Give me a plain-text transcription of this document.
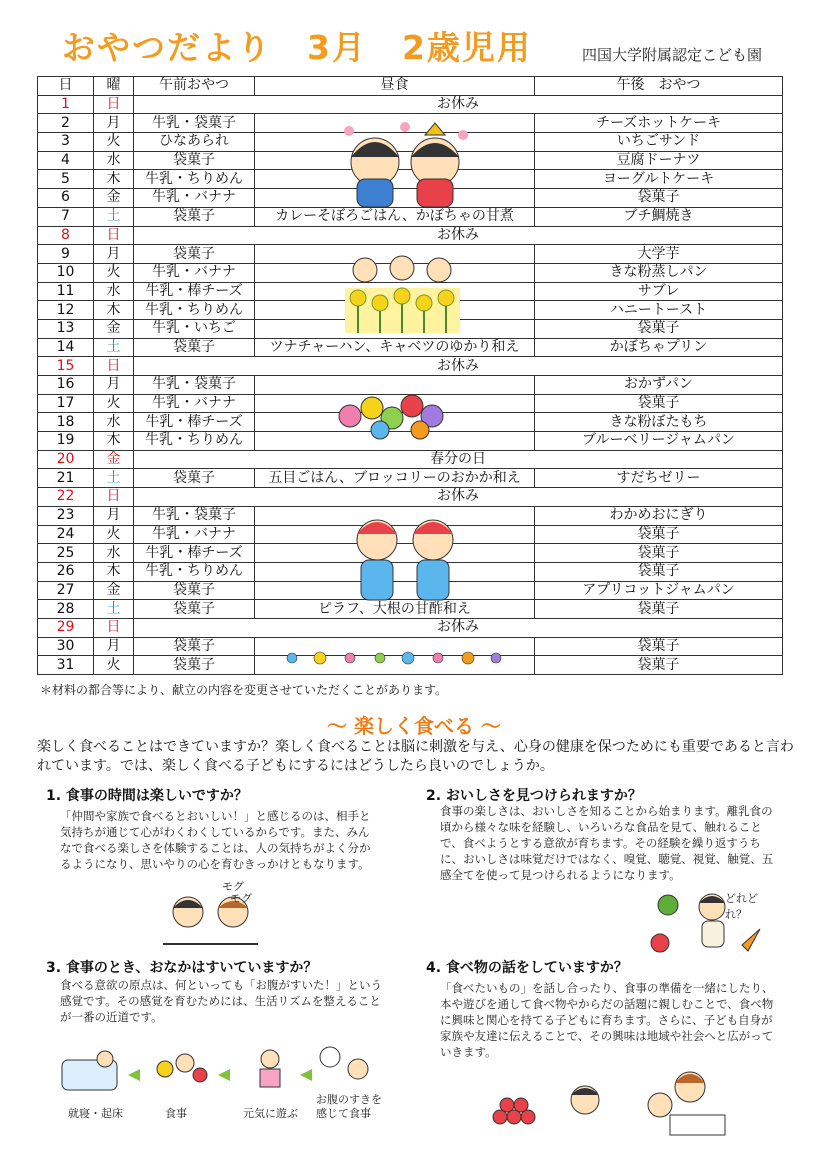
おやつだより　3月　2歳児用	四国大学附属認定こども園
日	曜	午前おやつ	昼食	午後　おやつ
1	日	お休み		
2	月	牛乳・袋菓子		チーズホットケーキ
3	火	ひなあられ		いちごサンド
4	水	袋菓子		豆腐ドーナツ
5	木	牛乳・ちりめん		ヨーグルトケーキ
6	金	牛乳・バナナ		袋菓子
7	土	袋菓子	カレーそぼろごはん、かぼちゃの甘煮	ブチ鯛焼き
8	日	お休み		
9	月	袋菓子		大学芋
10	火	牛乳・バナナ		きな粉蒸しパン
11	水	牛乳・棒チーズ		サブレ
12	木	牛乳・ちりめん		ハニートースト
13	金	牛乳・いちご		袋菓子
14	土	袋菓子	ツナチャーハン、キャベツのゆかり和え	かぼちゃプリン
15	日	お休み		
16	月	牛乳・袋菓子		おかずパン
17	火	牛乳・バナナ		袋菓子
18	水	牛乳・棒チーズ		きな粉ぼたもち
19	木	牛乳・ちりめん		ブルーベリージャムパン
20	金	春分の日		
21	土	袋菓子	五目ごはん、ブロッコリーのおかか和え	すだちゼリー
22	日	お休み		
23	月	牛乳・袋菓子		わかめおにぎり
24	火	牛乳・バナナ		袋菓子
25	水	牛乳・棒チーズ		袋菓子
26	木	牛乳・ちりめん		袋菓子
27	金	袋菓子		アプリコットジャムパン
28	土	袋菓子	ピラフ、大根の甘酢和え	袋菓子
29	日	お休み		
30	月	袋菓子		袋菓子
31	火	袋菓子		袋菓子
＊材料の都合等により、献立の内容を変更させていただくことがあります。
～ 楽しく食べる ～
楽しく食べることはできていますか？楽しく食べることは脳に刺激を与え、心身の健康を保つためにも重要であると言われています。では、楽しく食べる子どもにするにはどうしたら良いのでしょうか。
1. 食事の時間は楽しいですか？
「仲間や家族で食べるとおいしい！」と感じるのは、相手と気持ちが通じて心がわくわくしているからです。また、みんなで食べる楽しさを体験することは、人の気持ちがよく分かるようになり、思いやりの心を育むきっかけともなります。
2. おいしさを見つけられますか？
食事の楽しさは、おいしさを知ることから始まります。離乳食の頃から様々な味を経験し、いろいろな食品を見て、触れることで、食べようとする意欲が育ちます。その経験を繰り返すうちに、おいしさは味覚だけではなく、嗅覚、聴覚、視覚、触覚、五感全てを使って見つけられるようになります。
モグ
モグ	どれどれ？
3. 食事のとき、おなかはすいていますか？
食べる意欲の原点は、何といっても「お腹がすいた！」という感覚です。その感覚を育むためには、生活リズムを整えることが一番の近道です。
4. 食べ物の話をしていますか？
「食べたいもの」を話し合ったり、食事の準備を一緒にしたり、本や遊びを通して食べ物やからだの話題に親しむことで、食べ物に興味と関心を持てる子どもに育ちます。さらに、子ども自身が家族や友達に伝えることで、その興味は地域や社会へと広がっていきます。
就寝・起床	食事	元気に遊ぶ
お腹のすきを感じて食事
